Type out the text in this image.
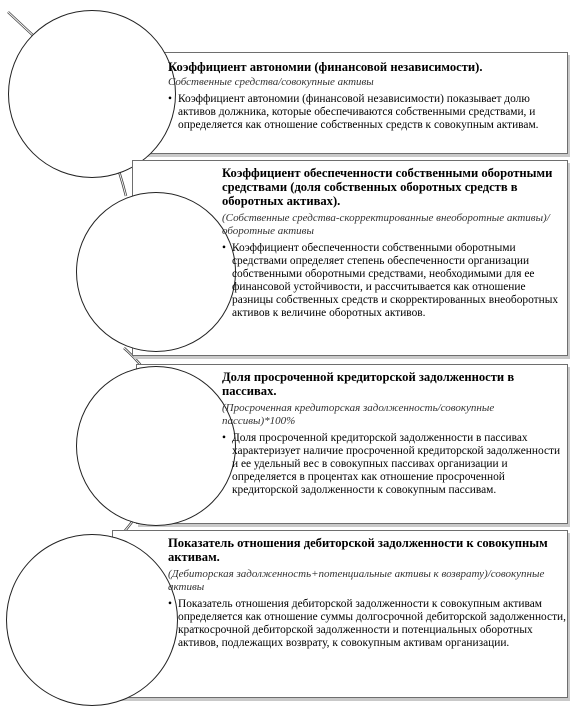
Коэффициент автономии (финансовой независимости).

Собственные средства/совокупные активы

• Коэффициент автономии (финансовой независимости) показывает долю активов должника, которые обеспечиваются собственными средствами, и определяется как отношение собственных средств к совокупным активам.

Коэффициент обеспеченности собственными оборотными средствами (доля собственных оборотных средств в оборотных активах).

(Собственные средства-скорректированные внеоборотные активы)/оборотные активы

• Коэффициент обеспеченности собственными оборотными средствами определяет степень обеспеченности организации собственными оборотными средствами, необходимыми для ее финансовой устойчивости, и рассчитывается как отношение разницы собственных средств и скорректированных внеоборотных активов к величине оборотных активов.

Доля просроченной кредиторской задолженности в пассивах.

(Просроченная кредиторская задолженность/совокупные пассивы)*100%

• Доля просроченной кредиторской задолженности в пассивах характеризует наличие просроченной кредиторской задолженности и ее удельный вес в совокупных пассивах организации и определяется в процентах как отношение просроченной кредиторской задолженности к совокупным пассивам.

Показатель отношения дебиторской задолженности к совокупным активам.

(Дебиторская задолженность+потенциальные активы к возврату)/совокупные активы

• Показатель отношения дебиторской задолженности к совокупным активам определяется как отношение суммы долгосрочной дебиторской задолженности, краткосрочной дебиторской задолженности и потенциальных оборотных активов, подлежащих возврату, к совокупным активам организации.
